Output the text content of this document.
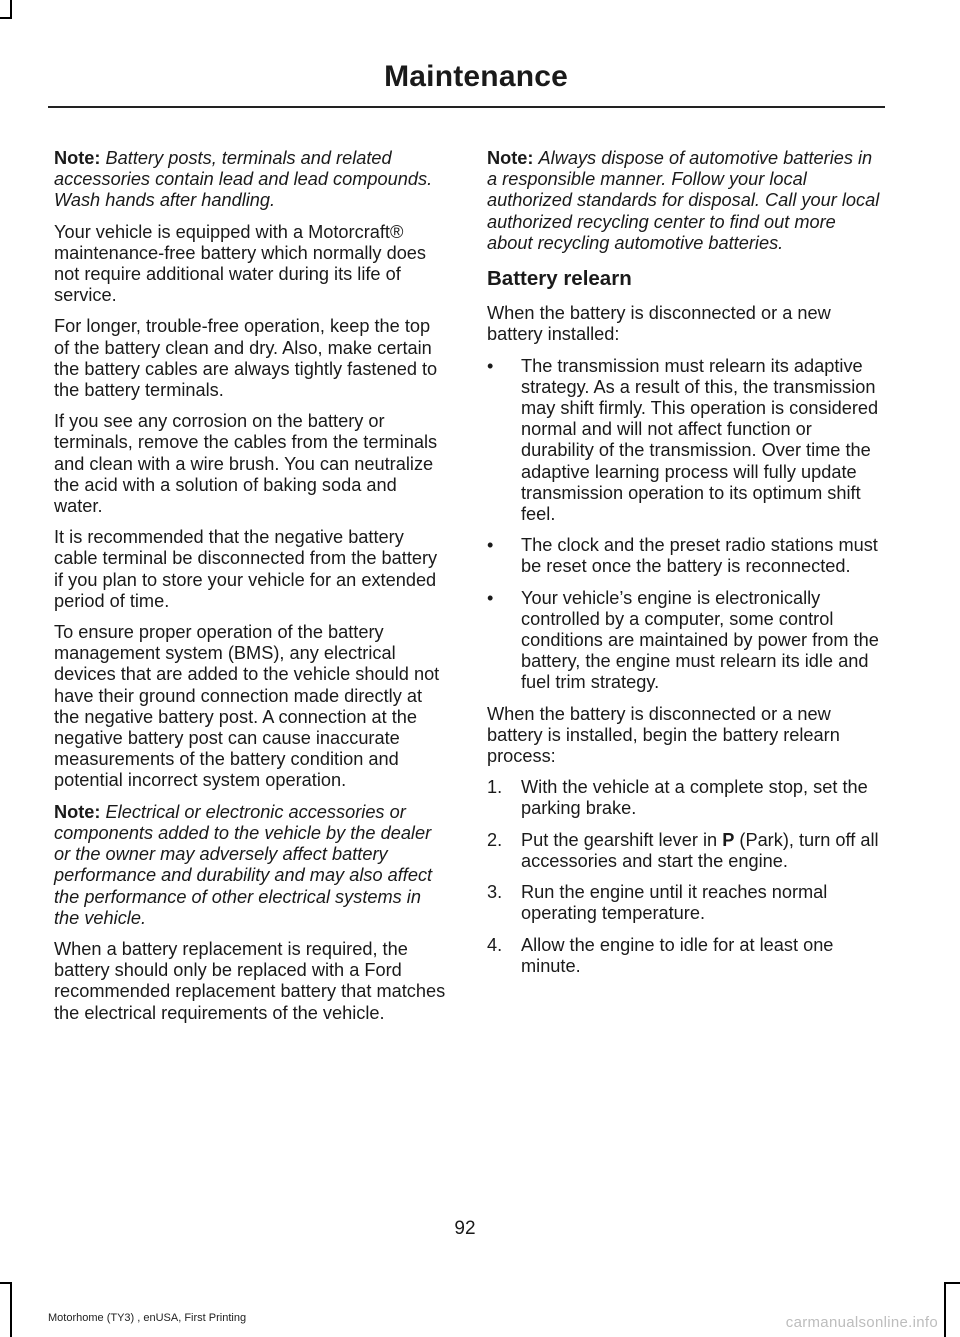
Maintenance

Note: Battery posts, terminals and related accessories contain lead and lead compounds. Wash hands after handling.

Your vehicle is equipped with a Motorcraft® maintenance-free battery which normally does not require additional water during its life of service.

For longer, trouble-free operation, keep the top of the battery clean and dry. Also, make certain the battery cables are always tightly fastened to the battery terminals.

If you see any corrosion on the battery or terminals, remove the cables from the terminals and clean with a wire brush. You can neutralize the acid with a solution of baking soda and water.

It is recommended that the negative battery cable terminal be disconnected from the battery if you plan to store your vehicle for an extended period of time.

To ensure proper operation of the battery management system (BMS), any electrical devices that are added to the vehicle should not have their ground connection made directly at the negative battery post. A connection at the negative battery post can cause inaccurate measurements of the battery condition and potential incorrect system operation.

Note: Electrical or electronic accessories or components added to the vehicle by the dealer or the owner may adversely affect battery performance and durability and may also affect the performance of other electrical systems in the vehicle.

When a battery replacement is required, the battery should only be replaced with a Ford recommended replacement battery that matches the electrical requirements of the vehicle.

Note: Always dispose of automotive batteries in a responsible manner. Follow your local authorized standards for disposal. Call your local authorized recycling center to find out more about recycling automotive batteries.

Battery relearn

When the battery is disconnected or a new battery installed:

• The transmission must relearn its adaptive strategy. As a result of this, the transmission may shift firmly. This operation is considered normal and will not affect function or durability of the transmission. Over time the adaptive learning process will fully update transmission operation to its optimum shift feel.
• The clock and the preset radio stations must be reset once the battery is reconnected.
• Your vehicle’s engine is electronically controlled by a computer, some control conditions are maintained by power from the battery, the engine must relearn its idle and fuel trim strategy.

When the battery is disconnected or a new battery is installed, begin the battery relearn process:

1. With the vehicle at a complete stop, set the parking brake.
2. Put the gearshift lever in P (Park), turn off all accessories and start the engine.
3. Run the engine until it reaches normal operating temperature.
4. Allow the engine to idle for at least one minute.
92
Motorhome (TY3) , enUSA, First Printing	carmanualsonline.info
